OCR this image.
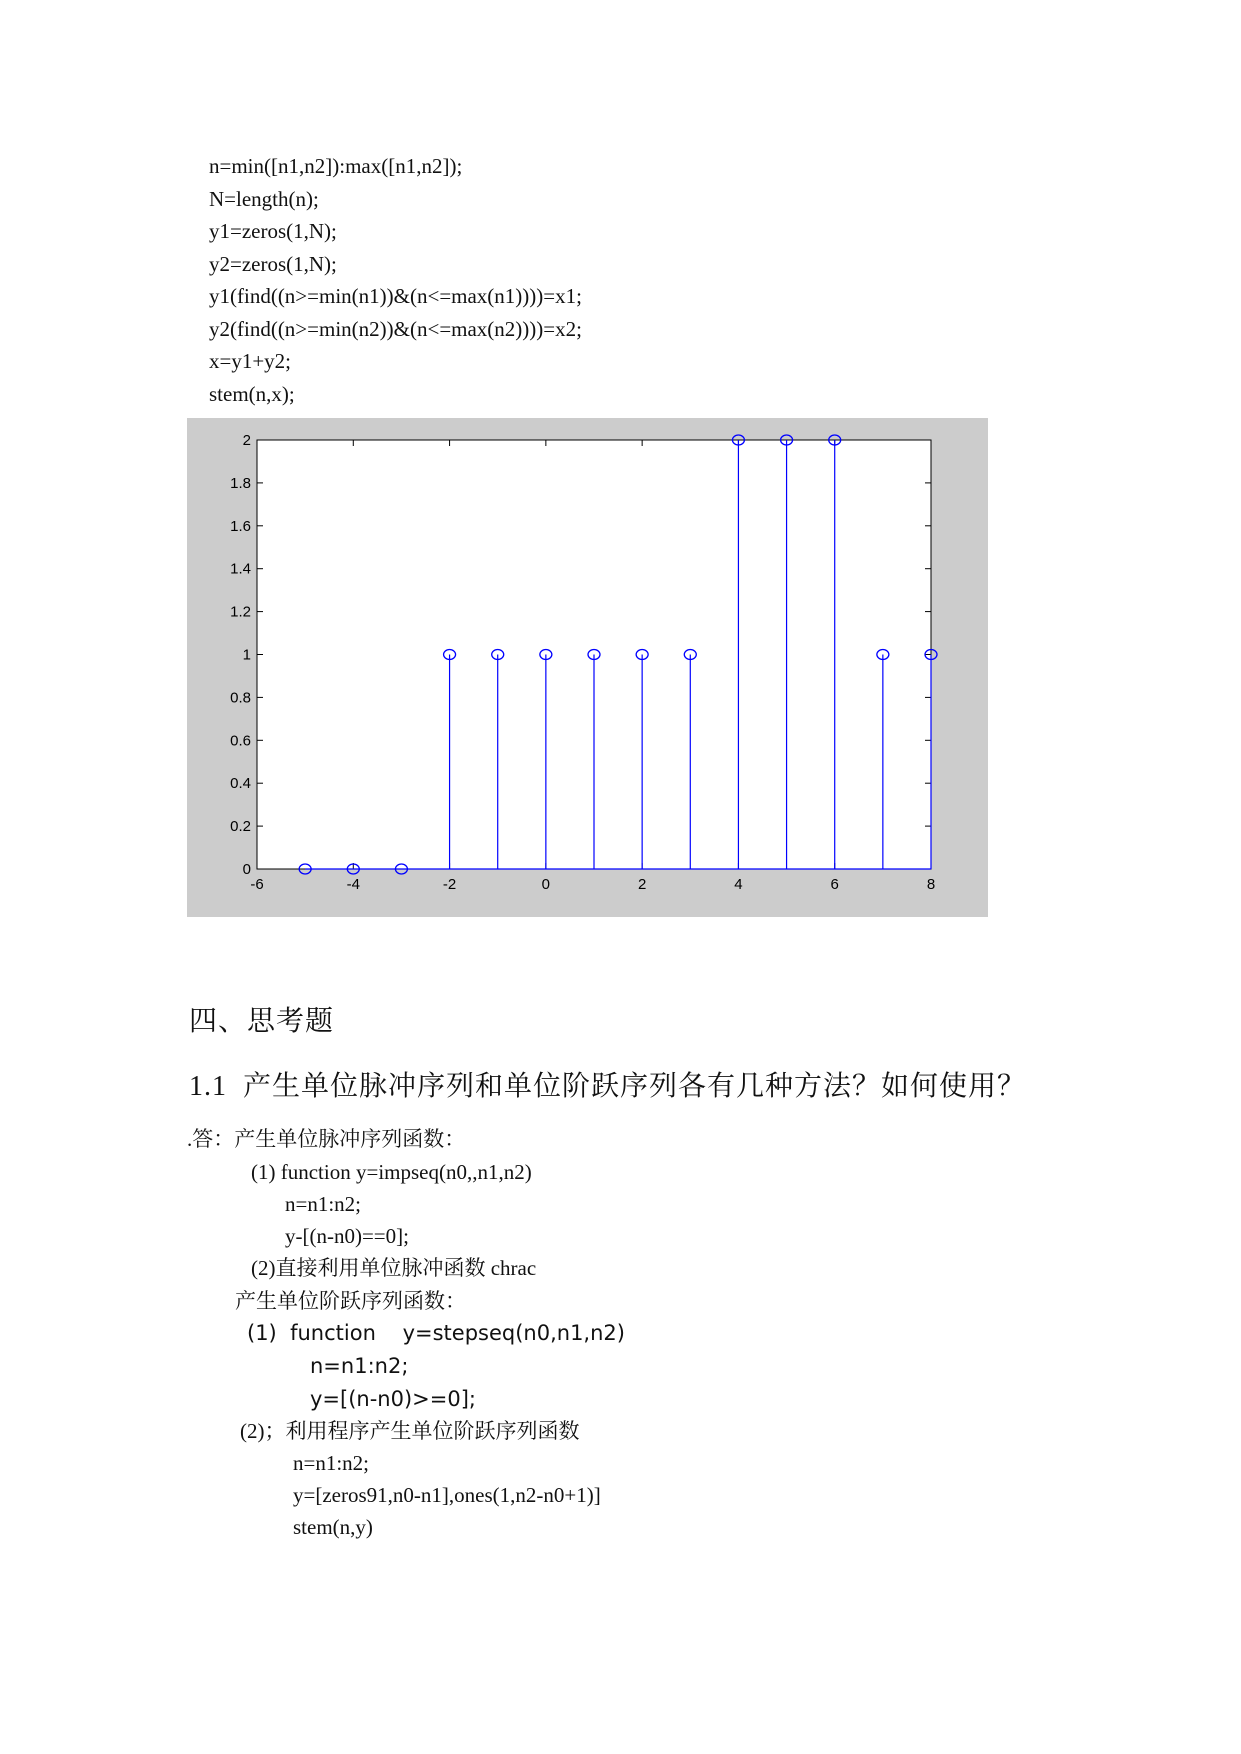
n=min([n1,n2]):max([n1,n2]);
N=length(n);
y1=zeros(1,N);
y2=zeros(1,N);
y1(find((n>=min(n1))&(n<=max(n1))))=x1;
y2(find((n>=min(n2))&(n<=max(n2))))=x2;
x=y1+y2;
stem(n,x);
-6	-4	-2	0	2	4	6	8
0
0.2
0.4
0.6
0.8
1
1.2
1.4
1.6
1.8
2
四、思考题
1.1  产生单位脉冲序列和单位阶跃序列各有几种方法？如何使用？
.答：产生单位脉冲序列函数：
(1) function y=impseq(n0,,n1,n2)
n=n1:n2;
y-[(n-n0)==0];
(2)直接利用单位脉冲函数 chrac
产生单位阶跃序列函数：
(1)  function    y=stepseq(n0,n1,n2)
n=n1:n2;
y=[(n-n0)>=0];
(2)；利用程序产生单位阶跃序列函数
n=n1:n2;
y=[zeros91,n0-n1],ones(1,n2-n0+1)]
stem(n,y)
